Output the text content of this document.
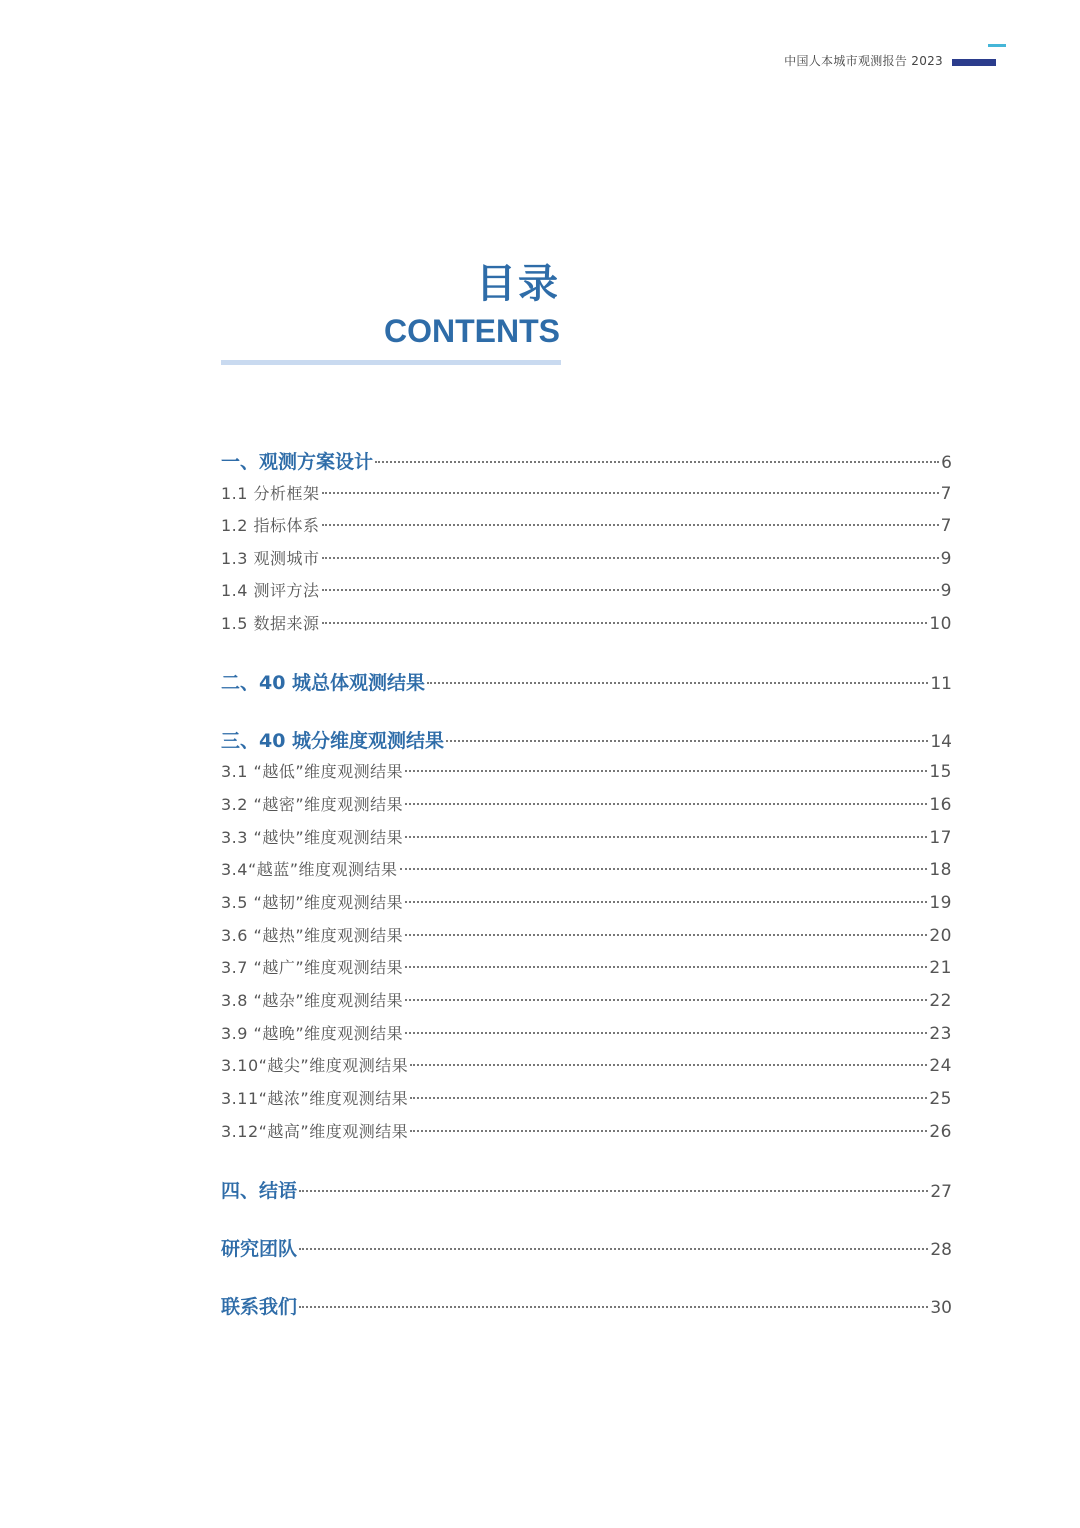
中国人本城市观测报告 2023
目录
CONTENTS
一、观测方案设计	6
1.1 分析框架	7
1.2 指标体系	7
1.3 观测城市	9
1.4 测评方法	9
1.5 数据来源	10
二、40 城总体观测结果	11
三、40 城分维度观测结果	14
3.1 “越低”维度观测结果	15
3.2 “越密”维度观测结果	16
3.3 “越快”维度观测结果	17
3.4“越蓝”维度观测结果	18
3.5 “越韧”维度观测结果	19
3.6 “越热”维度观测结果	20
3.7 “越广”维度观测结果	21
3.8 “越杂”维度观测结果	22
3.9 “越晚”维度观测结果	23
3.10“越尖”维度观测结果	24
3.11“越浓”维度观测结果	25
3.12“越高”维度观测结果	26
四、结语	27
研究团队	28
联系我们	30
